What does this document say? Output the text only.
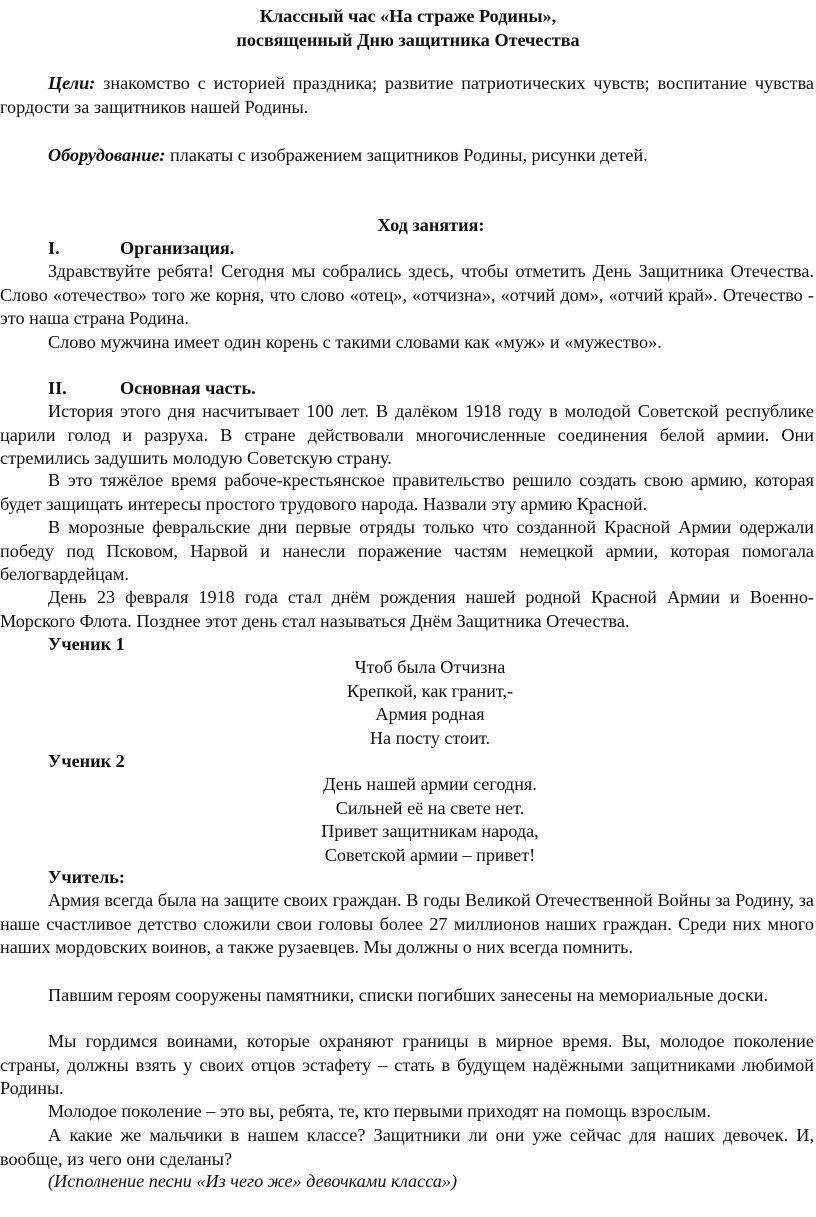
Классный час «На страже Родины»,
посвященный Дню защитника Отечества
Цели: знакомство с историей праздника; развитие патриотических чувств; воспитание чувства гордости за защитников нашей Родины.
Оборудование: плакаты с изображением защитников Родины, рисунки детей.
Ход занятия:
I.	Организация.
Здравствуйте ребята! Сегодня мы собрались здесь, чтобы отметить День Защитника Отечества. Слово «отечество» того же корня, что слово «отец», «отчизна», «отчий дом», «отчий край». Отечество - это наша страна Родина.
Слово мужчина имеет один корень с такими словами как «муж» и «мужество».
II.	Основная часть.
История этого дня насчитывает 100 лет. В далёком 1918 году в молодой Советской республике царили голод и разруха. В стране действовали многочисленные соединения белой армии. Они стремились задушить молодую Советскую страну.
В это тяжёлое время рабоче-крестьянское правительство решило создать свою армию, которая будет защищать интересы простого трудового народа. Назвали эту армию Красной.
В морозные февральские дни первые отряды только что созданной Красной Армии одержали победу под Псковом, Нарвой и нанесли поражение частям немецкой армии, которая помогала белогвардейцам.
День 23 февраля 1918 года стал днём рождения нашей родной Красной Армии и Военно-Морского Флота. Позднее этот день стал называться Днём Защитника Отечества.
Ученик 1
Чтоб была Отчизна
Крепкой, как гранит,-
Армия родная
На посту стоит.
Ученик 2
День нашей армии сегодня.
Сильней её на свете нет.
Привет защитникам народа,
Советской армии – привет!
Учитель:
Армия всегда была на защите своих граждан. В годы Великой Отечественной Войны за Родину, за наше счастливое детство сложили свои головы более 27 миллионов наших граждан. Среди них много наших мордовских воинов, а также рузаевцев. Мы должны о них всегда помнить.
Павшим героям сооружены памятники, списки погибших занесены на мемориальные доски.
Мы гордимся воинами, которые охраняют границы в мирное время. Вы, молодое поколение страны, должны взять у своих отцов эстафету – стать в будущем надёжными защитниками любимой Родины.
Молодое поколение – это вы, ребята, те, кто первыми приходят на помощь взрослым.
А какие же мальчики в нашем классе? Защитники ли они уже сейчас для наших девочек. И, вообще, из чего они сделаны?
(Исполнение песни «Из чего же» девочками класса»)
